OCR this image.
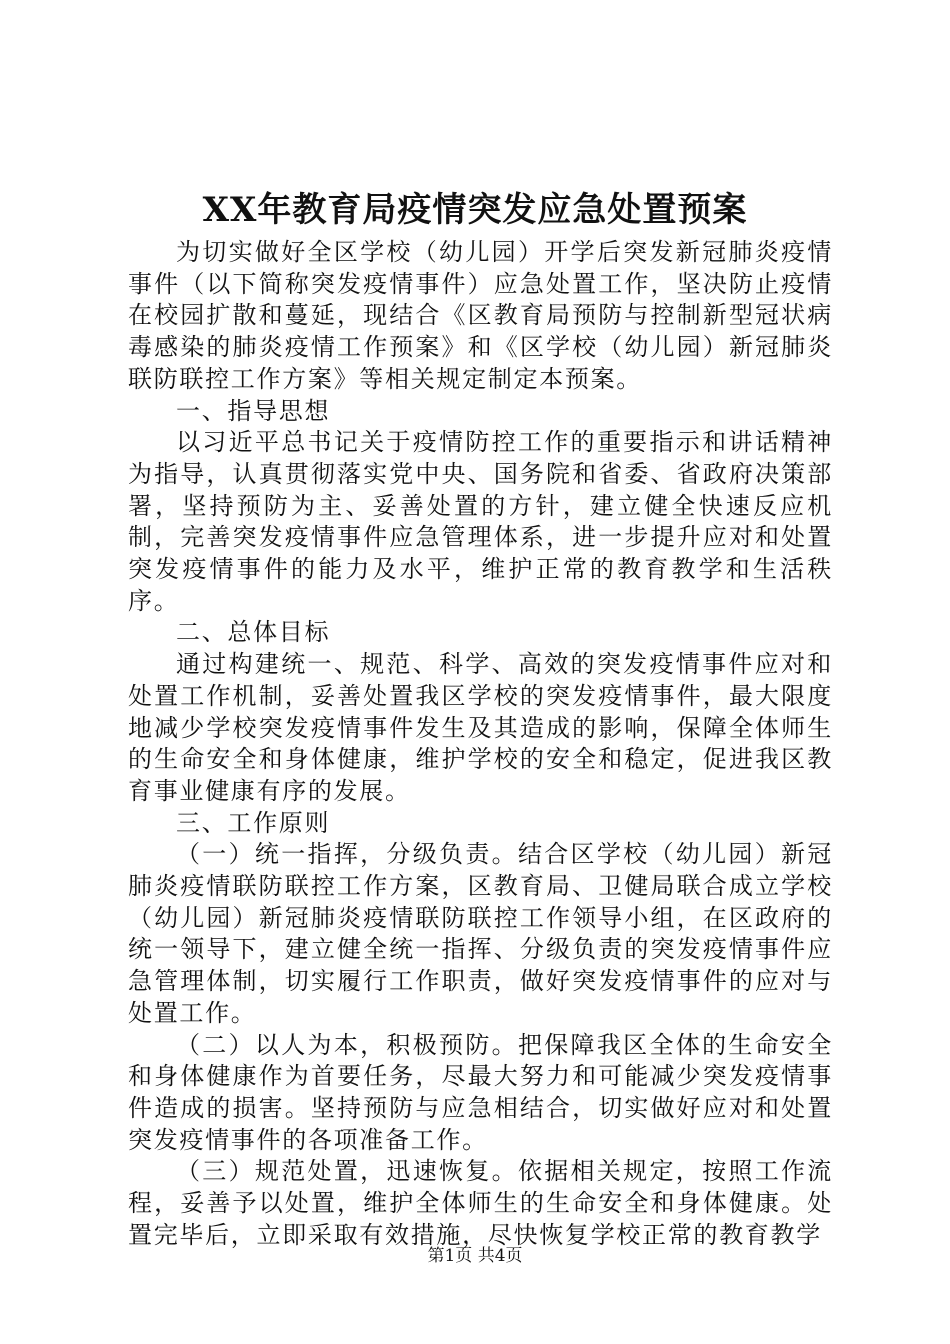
XX年教育局疫情突发应急处置预案

为切实做好全区学校（幼儿园）开学后突发新冠肺炎疫情事件（以下简称突发疫情事件）应急处置工作，坚决防止疫情在校园扩散和蔓延，现结合《区教育局预防与控制新型冠状病毒感染的肺炎疫情工作预案》和《区学校（幼儿园）新冠肺炎联防联控工作方案》等相关规定制定本预案。

一、指导思想

以习近平总书记关于疫情防控工作的重要指示和讲话精神为指导，认真贯彻落实党中央、国务院和省委、省政府决策部署，坚持预防为主、妥善处置的方针，建立健全快速反应机制，完善突发疫情事件应急管理体系，进一步提升应对和处置突发疫情事件的能力及水平，维护正常的教育教学和生活秩序。

二、总体目标

通过构建统一、规范、科学、高效的突发疫情事件应对和处置工作机制，妥善处置我区学校的突发疫情事件，最大限度地减少学校突发疫情事件发生及其造成的影响，保障全体师生的生命安全和身体健康，维护学校的安全和稳定，促进我区教育事业健康有序的发展。

三、工作原则

（一）统一指挥，分级负责。结合区学校（幼儿园）新冠肺炎疫情联防联控工作方案，区教育局、卫健局联合成立学校（幼儿园）新冠肺炎疫情联防联控工作领导小组，在区政府的统一领导下，建立健全统一指挥、分级负责的突发疫情事件应急管理体制，切实履行工作职责，做好突发疫情事件的应对与处置工作。

（二）以人为本，积极预防。把保障我区全体的生命安全和身体健康作为首要任务，尽最大努力和可能减少突发疫情事件造成的损害。坚持预防与应急相结合，切实做好应对和处置突发疫情事件的各项准备工作。

（三）规范处置，迅速恢复。依据相关规定，按照工作流程，妥善予以处置，维护全体师生的生命安全和身体健康。处置完毕后，立即采取有效措施，尽快恢复学校正常的教育教学

第1页 共4页
